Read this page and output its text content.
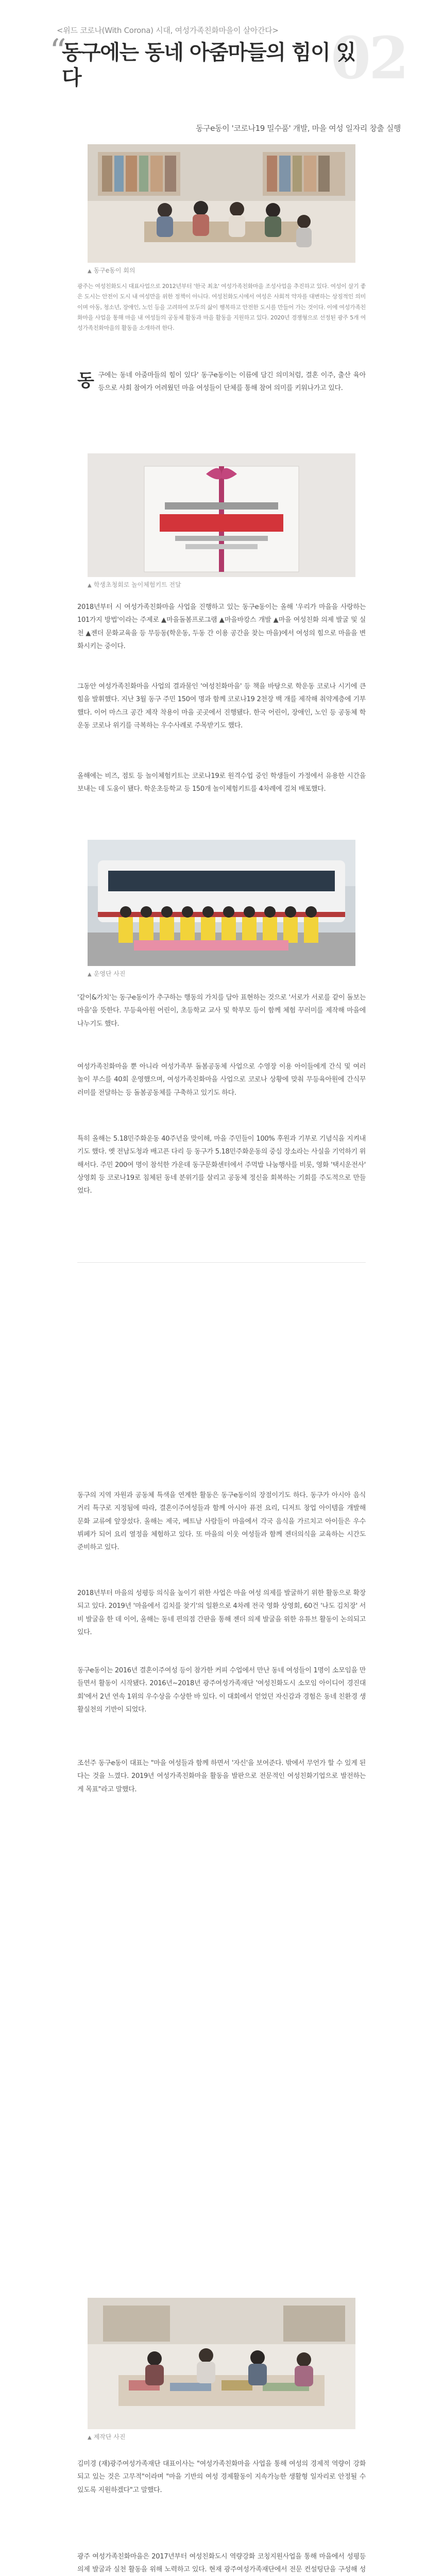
<위드 코로나(With Corona) 시대, 여성가족친화마을이 살아간다> 02
“
동구에는 동네 아줌마들의 힘이 있다
동구e동이 '코로나19 밀수품' 개발, 마을 여성 일자리 창출 실행
▲ 동구e동이 회의
광주는 여성친화도시 대표사업으로 2012년부터 '한국 최초' 여성가족친화마을 조성사업을 추진하고 있다. 여성이 살기 좋은 도시는 안전이 도시 내 여성만을 위한 정책이 아니다. 여성친화도시에서 여성은 사회적 약자를 대변하는 상징적인 의미이며 아동, 청소년, 장애인, 노인 등을 고려하여 모두의 삶이 행복하고 안전한 도시를 만들어 가는 것이다. 이에 여성가족친화마을 사업을 통해 마을 내 여성들의 공동체 활동과 마을 활동을 지원하고 있다. 2020년 경쟁형으로 선정된 광주 5개 여성가족친화마을의 활동을 소개하려 한다.
동구에는 동네 아줌마들의 힘이 있다' 동구e동이는 이름에 담긴 의미처럼, 결혼 이주, 출산 육아 등으로 사회 참여가 어려웠던 마을 여성들이 단체를 통해 참여 의미를 키워나가고 있다.
▲ 학생초청회로 놀이체험키트 전달
2018년부터 시 여성가족친화마을 사업을 진행하고 있는 동구e동이는 올해 '우리가 마을을 사랑하는 101가지 방법'이라는 주제로 ▲마을돌봄프로그램 ▲마을바캉스 개발 ▲마을 여성친화 의제 발굴 및 실천 ▲젠더 문화교육을 등 무등동(학운동, 두동 간 이용 공간을 찾는 마을)에서 여성의 힘으로 마을을 변화시키는 중이다.
그동안 여성가족친화마을 사업의 결과물인 '여성친화마을' 등 책을 바탕으로 학운동 코로나 시기에 큰 힘을 발휘했다. 지난 3월 동구 주민 150여 명과 함께 코로나19 2천장 백 개를 제작해 취약계층에 기부했다. 이어 마스크 공간 제작 착용이 마을 곳곳에서 진행됐다. 한국 어린이, 장애인, 노인 등 공동체 학운동 코로나 위기를 극복하는 우수사례로 주목받기도 했다.
올해에는 비즈, 점토 등 놀이체험키트는 코로나19로 원격수업 중인 학생들이 가정에서 유용한 시간을 보내는 데 도움이 됐다. 학운초등학교 등 150개 놀이체험키트를 4차례에 걸쳐 배포했다.
▲ 운영단 사진
'같이&가치'는 동구e동이가 추구하는 행동의 가치를 담아 표현하는 것으로 '서로가 서로를 같이 돌보는 마을'을 뜻한다. 무등육아원 어린이, 초등학교 교사 및 학부모 등이 함께 체험 꾸러미를 제작해 마을에 나누기도 했다.
여성가족친화마을 뿐 아니라 여성가족부 돌봄공동체 사업으로 수영장 이용 아이들에게 간식 및 여러 놀이 부스를 40회 운영했으며, 여성가족친화마을 사업으로 코로나 상황에 맞춰 무등육아원에 간식꾸러미를 전달하는 등 돌봄공동체를 구축하고 있기도 하다.
특히 올해는 5.18민주화운동 40주년을 맞이해, 마을 주민들이 100% 후원과 기부로 기념식을 지켜내기도 했다. 옛 전남도청과 배고픈 다리 등 동구가 5.18민주화운동의 중심 장소라는 사실을 기억하기 위해서다. 주민 200여 명이 참석한 가운데 동구문화센터에서 주먹밥 나눔행사를 비롯, 영화 '택시운전사' 상영회 등 코로나19로 침체된 동네 분위기를 살리고 공동체 정신을 회복하는 기회를 주도적으로 만들었다.
동구의 지역 자원과 공동체 특색을 연계한 활동은 동구e동이의 장점이기도 하다. 동구가 아시아 음식거리 특구로 지정됨에 따라, 결혼이주여성들과 함께 아시아 퓨전 요리, 디저트 창업 아이템을 개발해 문화 교류에 앞장섰다. 올해는 제국, 베트남 사람들이 마을에서 각국 음식을 가르치고 아이들은 우수 뷔페가 되어 요리 열정을 체험하고 있다. 또 마을의 이웃 여성들과 함께 젠더의식을 교육하는 시간도 준비하고 있다.
2018년부터 마을의 성평등 의식을 높이기 위한 사업은 마을 여성 의제를 발굴하기 위한 활동으로 확장되고 있다. 2019년 '마을에서 김치를 찾기'의 일환으로 4차례 전국 영화 상영회, 60건 '나도 김치장' 서비 발굴을 한 데 이어, 올해는 동네 편의점 간판을 통해 젠더 의제 발굴을 위한 유튜브 활동이 논의되고 있다.
동구e동이는 2016년 결혼이주여성 등이 참가한 커피 수업에서 만난 동네 여성들이 1명이 소모임을 만들면서 활동이 시작됐다. 2016년~2018년 광주여성가족재단 '여성친화도시 소모임 아이디어 경진대회'에서 2년 연속 1위의 우수상을 수상한 바 있다. 이 대회에서 얻었던 자신감과 경험은 동네 친환경 생활실천의 기반이 되었다.
조선주 동구e동이 대표는 "마을 여성들과 함께 하면서 '자신'을 보여준다. 밖에서 무언가 할 수 있게 된다는 것을 느꼈다. 2019년 여성가족친화마을 활동을 발판으로 전문적인 여성친화기업으로 발전하는 게 목표"라고 말했다.
▲ 제작단 사진
김미경 (재)광주여성가족재단 대표이사는 "여성가족친화마을 사업을 통해 여성의 경제적 역량이 강화되고 있는 것은 고무적"이라며 "마을 기반의 여성 경제활동이 지속가능한 생활형 일자리로 안정될 수 있도록 지원하겠다"고 말했다.
광주 여성가족친화마을은 2017년부터 여성친화도시 역량강화 코칭지원사업을 통해 마을에서 성평등 의제 발굴과 실천 활동을 위해 노력하고 있다. 현재 광주여성가족재단에서 전문 컨설팅단을 구성해 성
